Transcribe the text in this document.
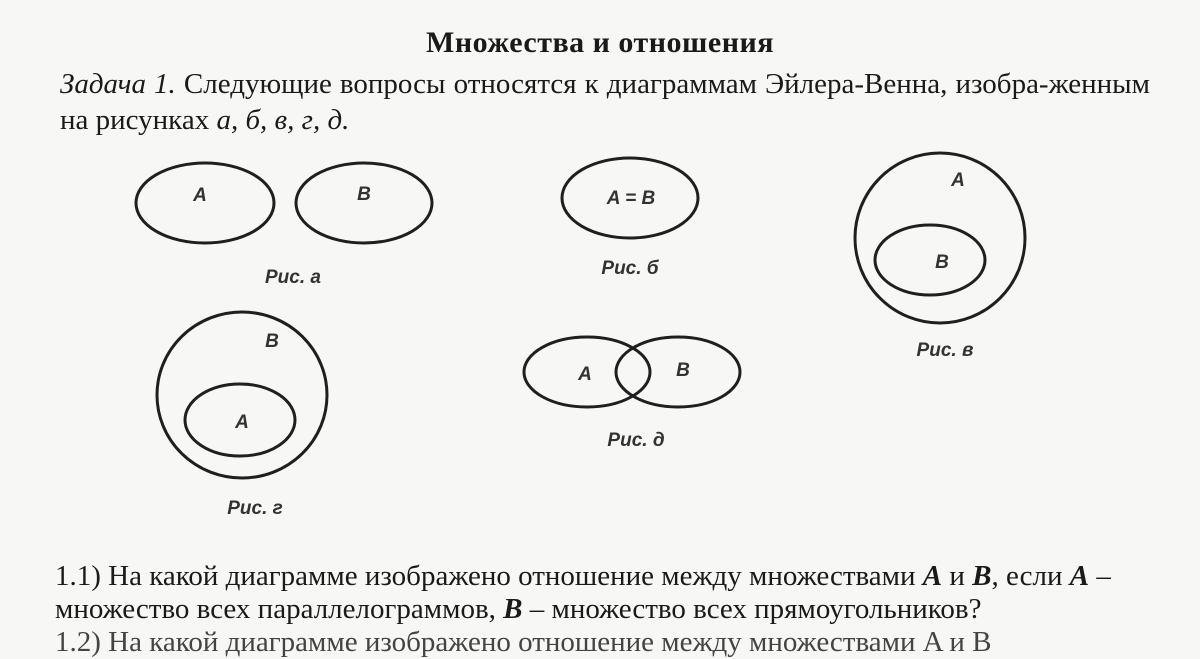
Множества и отношения
Задача 1. Следующие вопросы относятся к диаграммам Эйлера-Венна, изобра-женным на рисунках а, б, в, г, д.
A	B
Рис. а
A = B
Рис. б
A
B
Рис. в
B
A
Рис. г
A	B
Рис. д
1.1) На какой диаграмме изображено отношение между множествами A и B, если A – множество всех параллелограммов, B – множество всех прямоугольников?
1.2) На какой диаграмме изображено отношение между множествами A и B
